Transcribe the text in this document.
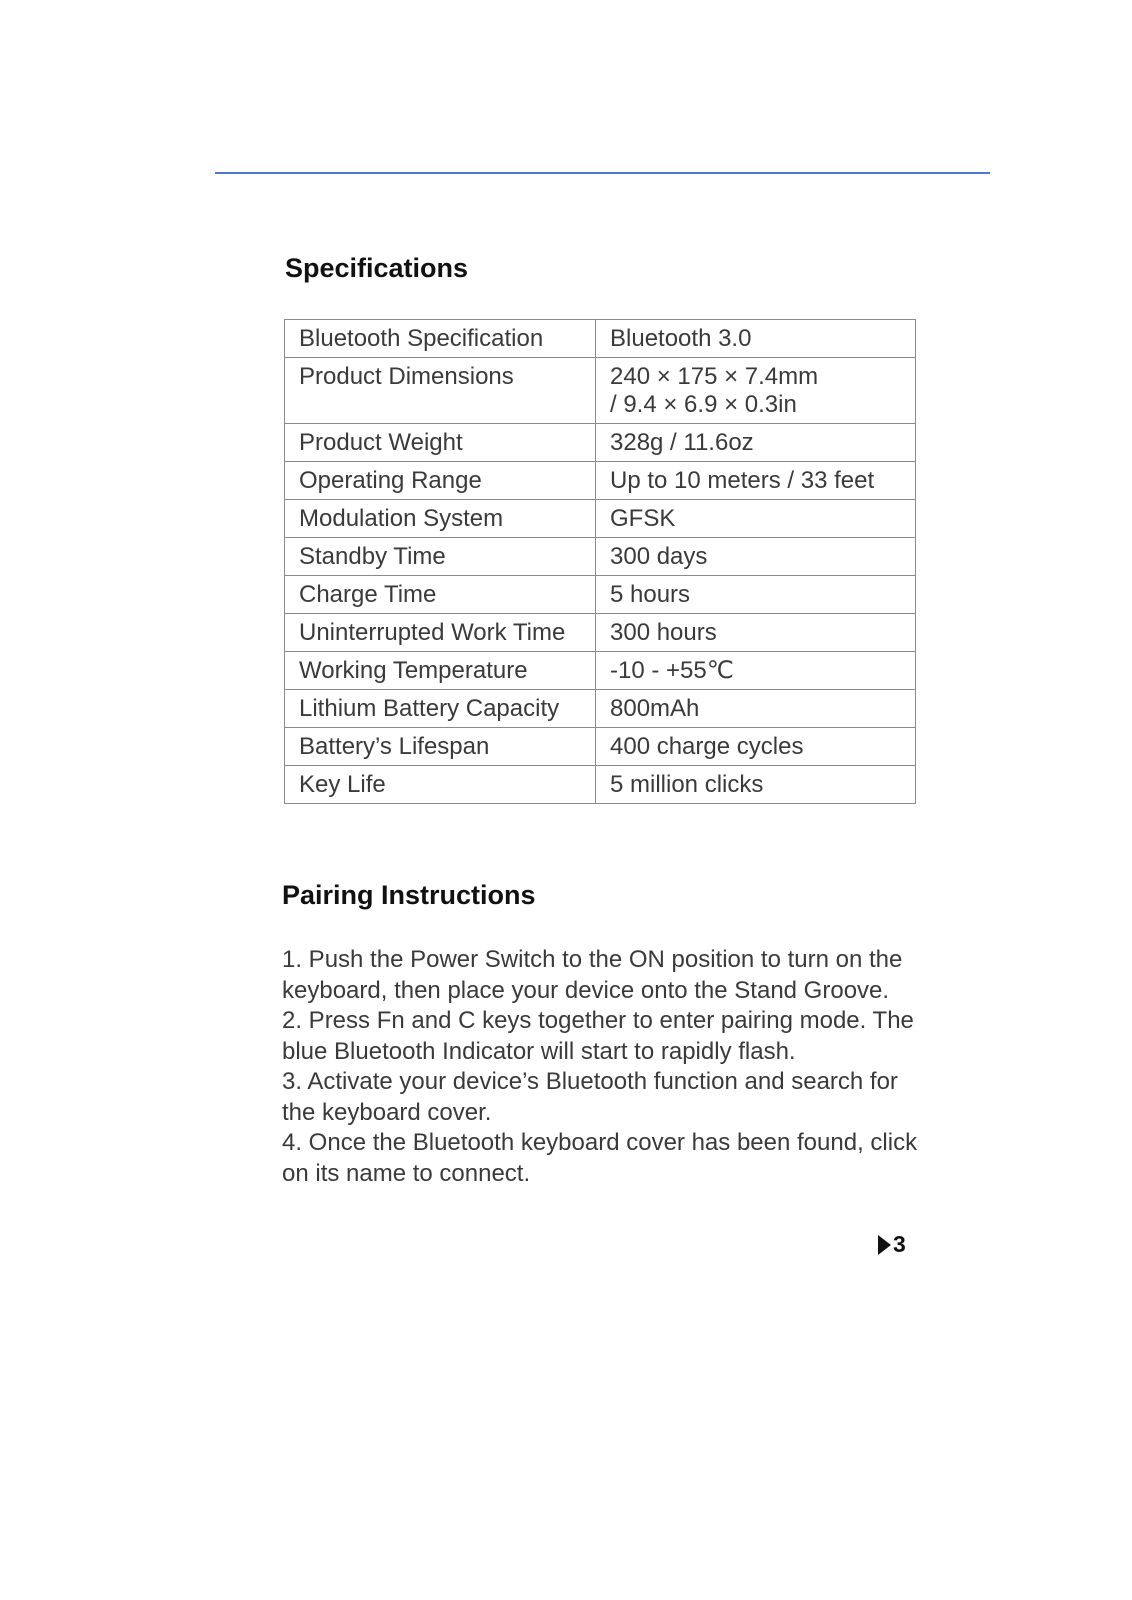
Specifications
Bluetooth Specification	Bluetooth 3.0

Product Dimensions	240 × 175 × 7.4mm
/ 9.4 × 6.9 × 0.3in

Product Weight	328g / 11.6oz

Operating Range	Up to 10 meters / 33 feet

Modulation System	GFSK

Standby Time	300 days

Charge Time	5 hours

Uninterrupted Work Time	300 hours

Working Temperature	-10 - +55℃

Lithium Battery Capacity	800mAh

Battery’s Lifespan	400 charge cycles

Key Life	5 million clicks
Pairing Instructions

1. Push the Power Switch to the ON position to turn on the keyboard, then place your device onto the Stand Groove.

2. Press Fn and C keys together to enter pairing mode. The blue Bluetooth Indicator will start to rapidly flash.

3. Activate your device’s Bluetooth function and search for the keyboard cover.

4. Once the Bluetooth keyboard cover has been found, click on its name to connect.

3
